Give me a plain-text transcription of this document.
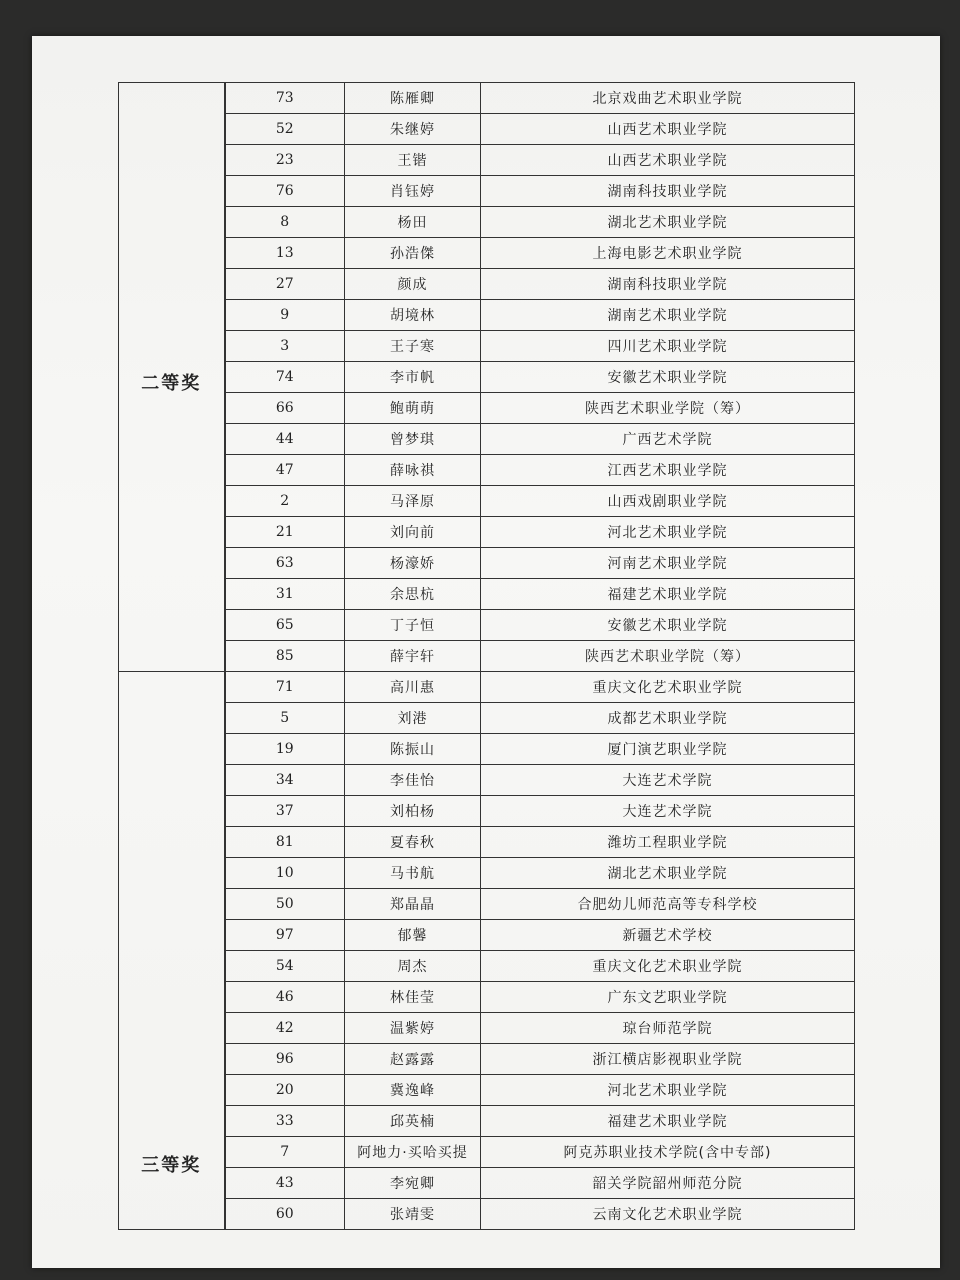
二等奖	73	陈雁卿	北京戏曲艺术职业学院
	52	朱继婷	山西艺术职业学院
	23	王锴	山西艺术职业学院
	76	肖钰婷	湖南科技职业学院
	8	杨田	湖北艺术职业学院
	13	孙浩傑	上海电影艺术职业学院
	27	颜成	湖南科技职业学院
	9	胡境林	湖南艺术职业学院
	3	王子寒	四川艺术职业学院
	74	李市帆	安徽艺术职业学院
	66	鲍萌萌	陕西艺术职业学院（筹）
	44	曾梦琪	广西艺术学院
	47	薛咏祺	江西艺术职业学院
	2	马泽原	山西戏剧职业学院
	21	刘向前	河北艺术职业学院
	63	杨濠娇	河南艺术职业学院
	31	余思杭	福建艺术职业学院
	65	丁子恒	安徽艺术职业学院
	85	薛宇轩	陕西艺术职业学院（筹）
三等奖	71	高川惠	重庆文化艺术职业学院
	5	刘港	成都艺术职业学院
	19	陈振山	厦门演艺职业学院
	34	李佳怡	大连艺术学院
	37	刘柏杨	大连艺术学院
	81	夏春秋	潍坊工程职业学院
	10	马书航	湖北艺术职业学院
	50	郑晶晶	合肥幼儿师范高等专科学校
	97	郁馨	新疆艺术学校
	54	周杰	重庆文化艺术职业学院
	46	林佳莹	广东文艺职业学院
	42	温紫婷	琼台师范学院
	96	赵露露	浙江横店影视职业学院
	20	冀逸峰	河北艺术职业学院
	33	邱英楠	福建艺术职业学院
	7	阿地力·买哈买提	阿克苏职业技术学院(含中专部)
	43	李宛卿	韶关学院韶州师范分院
	60	张靖雯	云南文化艺术职业学院
